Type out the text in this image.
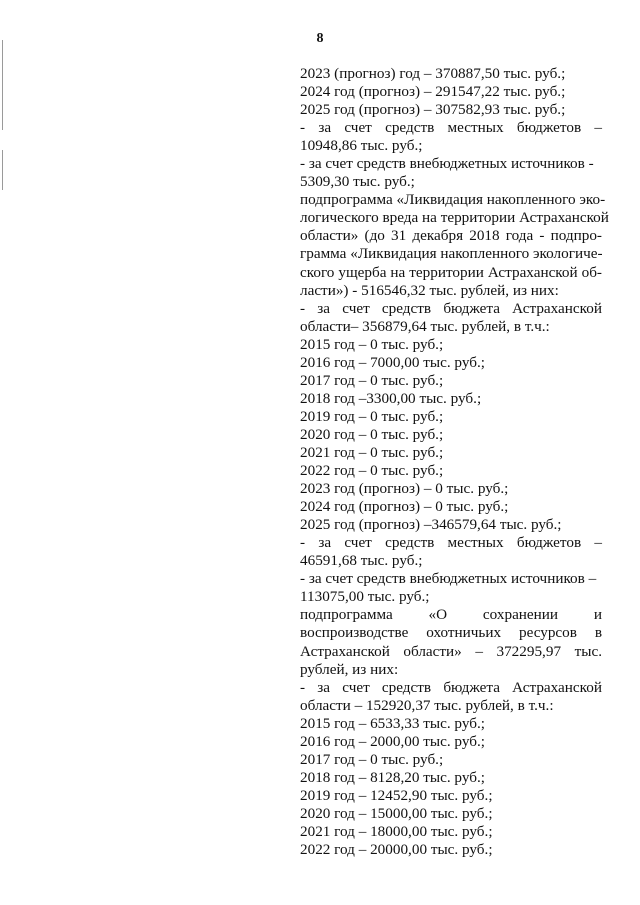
8
2023 (прогноз) год – 370887,50 тыс. руб.;
2024 год (прогноз) – 291547,22 тыс. руб.;
2025 год (прогноз) – 307582,93 тыс. руб.;
- за счет средств местных бюджетов –
10948,86 тыс. руб.;
- за счет средств внебюджетных источников -
5309,30 тыс. руб.;
подпрограмма «Ликвидация накопленного эко-
логического вреда на территории Астраханской
области» (до 31 декабря 2018 года - подпро-
грамма «Ликвидация накопленного экологиче-
ского ущерба на территории Астраханской об-
ласти») - 516546,32 тыс. рублей, из них:
- за счет средств бюджета Астраханской
области– 356879,64 тыс. рублей, в т.ч.:
2015 год – 0 тыс. руб.;
2016 год – 7000,00 тыс. руб.;
2017 год – 0 тыс. руб.;
2018 год –3300,00 тыс. руб.;
2019 год – 0 тыс. руб.;
2020 год – 0 тыс. руб.;
2021 год – 0 тыс. руб.;
2022 год – 0 тыс. руб.;
2023 год (прогноз) – 0 тыс. руб.;
2024 год (прогноз) – 0 тыс. руб.;
2025 год (прогноз) –346579,64 тыс. руб.;
- за счет средств местных бюджетов –
46591,68 тыс. руб.;
- за счет средств внебюджетных источников –
113075,00 тыс. руб.;
подпрограмма «О сохранении и
воспроизводстве охотничьих ресурсов в
Астраханской области» – 372295,97 тыс.
рублей, из них:
- за счет средств бюджета Астраханской
области – 152920,37 тыс. рублей, в т.ч.:
2015 год – 6533,33 тыс. руб.;
2016 год – 2000,00 тыс. руб.;
2017 год – 0 тыс. руб.;
2018 год – 8128,20 тыс. руб.;
2019 год – 12452,90 тыс. руб.;
2020 год – 15000,00 тыс. руб.;
2021 год – 18000,00 тыс. руб.;
2022 год – 20000,00 тыс. руб.;
